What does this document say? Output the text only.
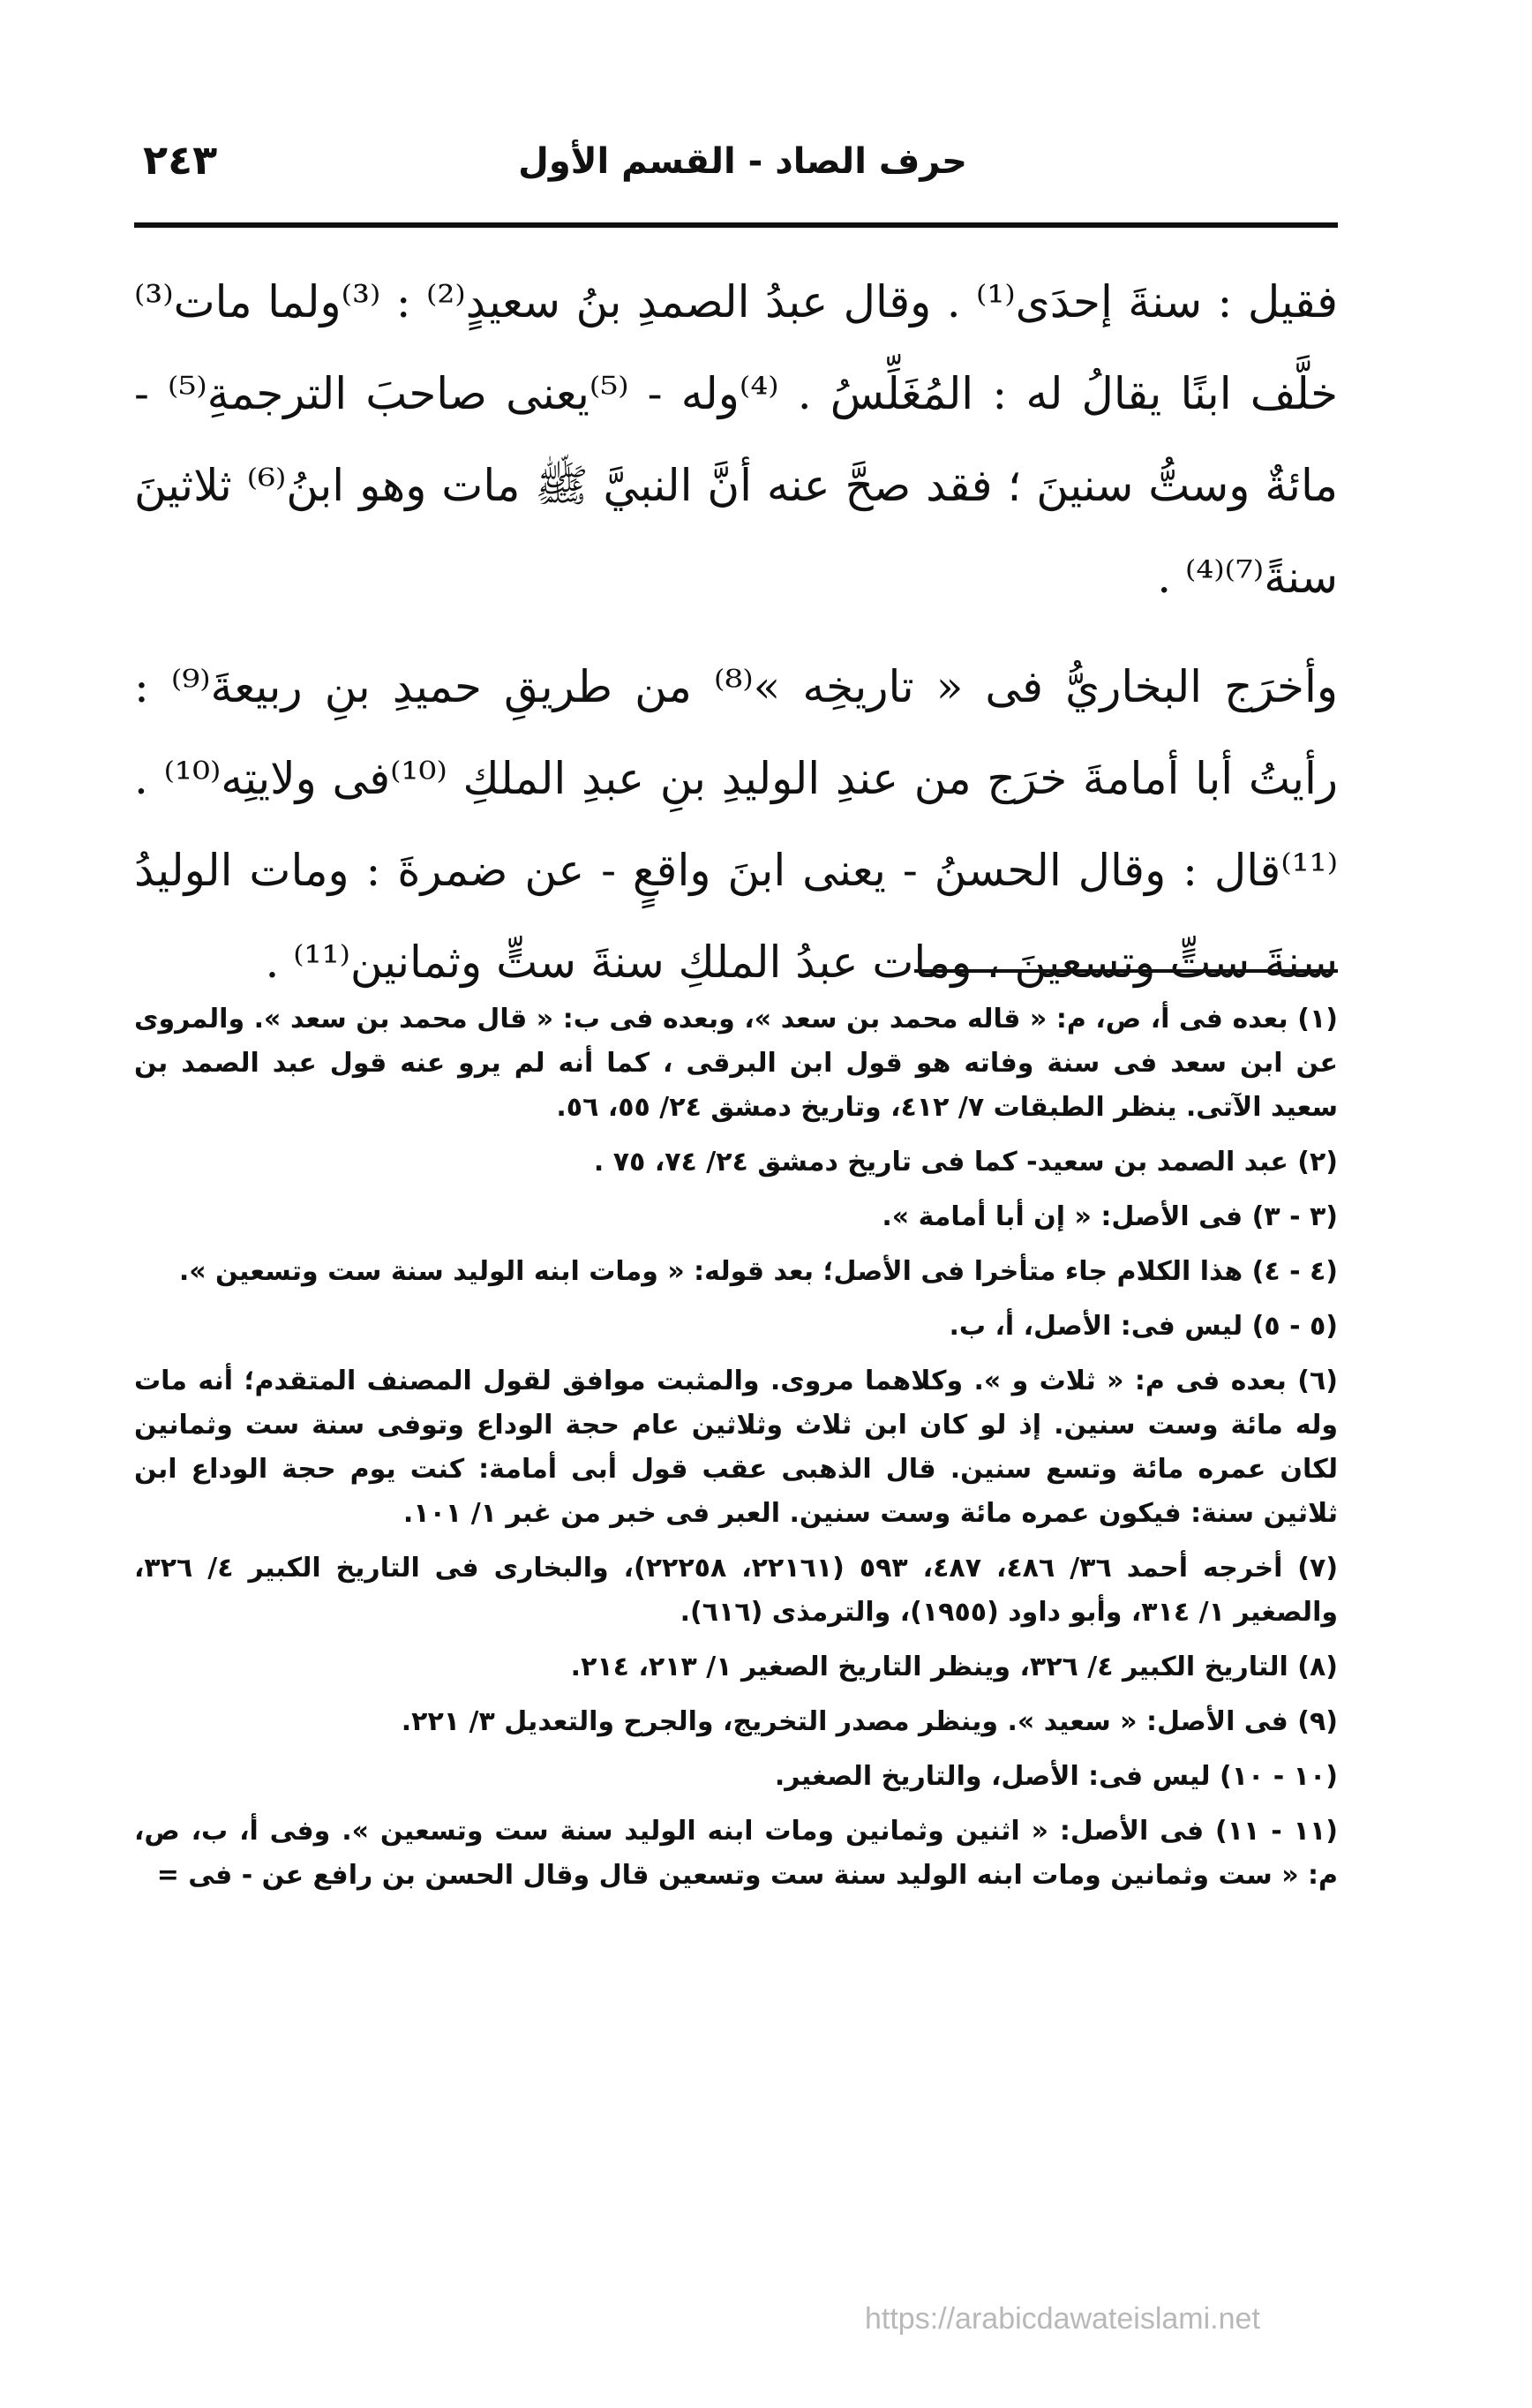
حرف الصاد - القسم الأول
٢٤٣

فقيل : سنةَ إحدَى⁽¹⁾ . وقال عبدُ الصمدِ بنُ سعيدٍ⁽²⁾ : ⁽³⁾ولما مات⁽³⁾ خلَّف ابنًا يقالُ له : المُغَلِّسُ . ⁽⁴⁾وله - ⁽⁵⁾يعنى صاحبَ الترجمةِ⁽⁵⁾ - مائةٌ وستُّ سنينَ ؛ فقد صحَّ عنه أنَّ النبيَّ ﷺ مات وهو ابنُ⁽⁶⁾ ثلاثينَ سنةً⁽⁷⁾⁽⁴⁾ .

وأخرَج البخاريُّ فى « تاريخِه »⁽⁸⁾ من طريقِ حميدِ بنِ ربيعةَ⁽⁹⁾ : رأيتُ أبا أمامةَ خرَج من عندِ الوليدِ بنِ عبدِ الملكِ ⁽¹⁰⁾فى ولايتِه⁽¹⁰⁾ . ⁽¹¹⁾قال : وقال الحسنُ - يعنى ابنَ واقعٍ - عن ضمرةَ : ومات الوليدُ سنةَ ستٍّ وتسعينَ ، ومات عبدُ الملكِ سنةَ ستٍّ وثمانين⁽¹¹⁾ .

(١) بعده فى أ، ص، م: « قاله محمد بن سعد »، وبعده فى ب: « قال محمد بن سعد ». والمروى عن ابن سعد فى سنة وفاته هو قول ابن البرقى ، كما أنه لم يرو عنه قول عبد الصمد بن سعيد الآتى. ينظر الطبقات ٧/ ٤١٢، وتاريخ دمشق ٢٤/ ٥٥، ٥٦.

(٢) عبد الصمد بن سعيد- كما فى تاريخ دمشق ٢٤/ ٧٤، ٧٥ .

(٣ - ٣) فى الأصل: « إن أبا أمامة ».

(٤ - ٤) هذا الكلام جاء متأخرا فى الأصل؛ بعد قوله: « ومات ابنه الوليد سنة ست وتسعين ».

(٥ - ٥) ليس فى: الأصل، أ، ب.

(٦) بعده فى م: « ثلاث و ». وكلاهما مروى. والمثبت موافق لقول المصنف المتقدم؛ أنه مات وله مائة وست سنين. إذ لو كان ابن ثلاث وثلاثين عام حجة الوداع وتوفى سنة ست وثمانين لكان عمره مائة وتسع سنين. قال الذهبى عقب قول أبى أمامة: كنت يوم حجة الوداع ابن ثلاثين سنة: فيكون عمره مائة وست سنين. العبر فى خبر من غبر ١/ ١٠١.

(٧) أخرجه أحمد ٣٦/ ٤٨٦، ٤٨٧، ٥٩٣ (٢٢١٦١، ٢٢٢٥٨)، والبخارى فى التاريخ الكبير ٤/ ٣٢٦، والصغير ١/ ٣١٤، وأبو داود (١٩٥٥)، والترمذى (٦١٦).

(٨) التاريخ الكبير ٤/ ٣٢٦، وينظر التاريخ الصغير ١/ ٢١٣، ٢١٤.

(٩) فى الأصل: « سعيد ». وينظر مصدر التخريج، والجرح والتعديل ٣/ ٢٢١.

(١٠ - ١٠) ليس فى: الأصل، والتاريخ الصغير.

(١١ - ١١) فى الأصل: « اثنين وثمانين ومات ابنه الوليد سنة ست وتسعين ». وفى أ، ب، ص، م: « ست وثمانين ومات ابنه الوليد سنة ست وتسعين قال وقال الحسن بن رافع عن - فى =

https://arabicdawateislami.net
